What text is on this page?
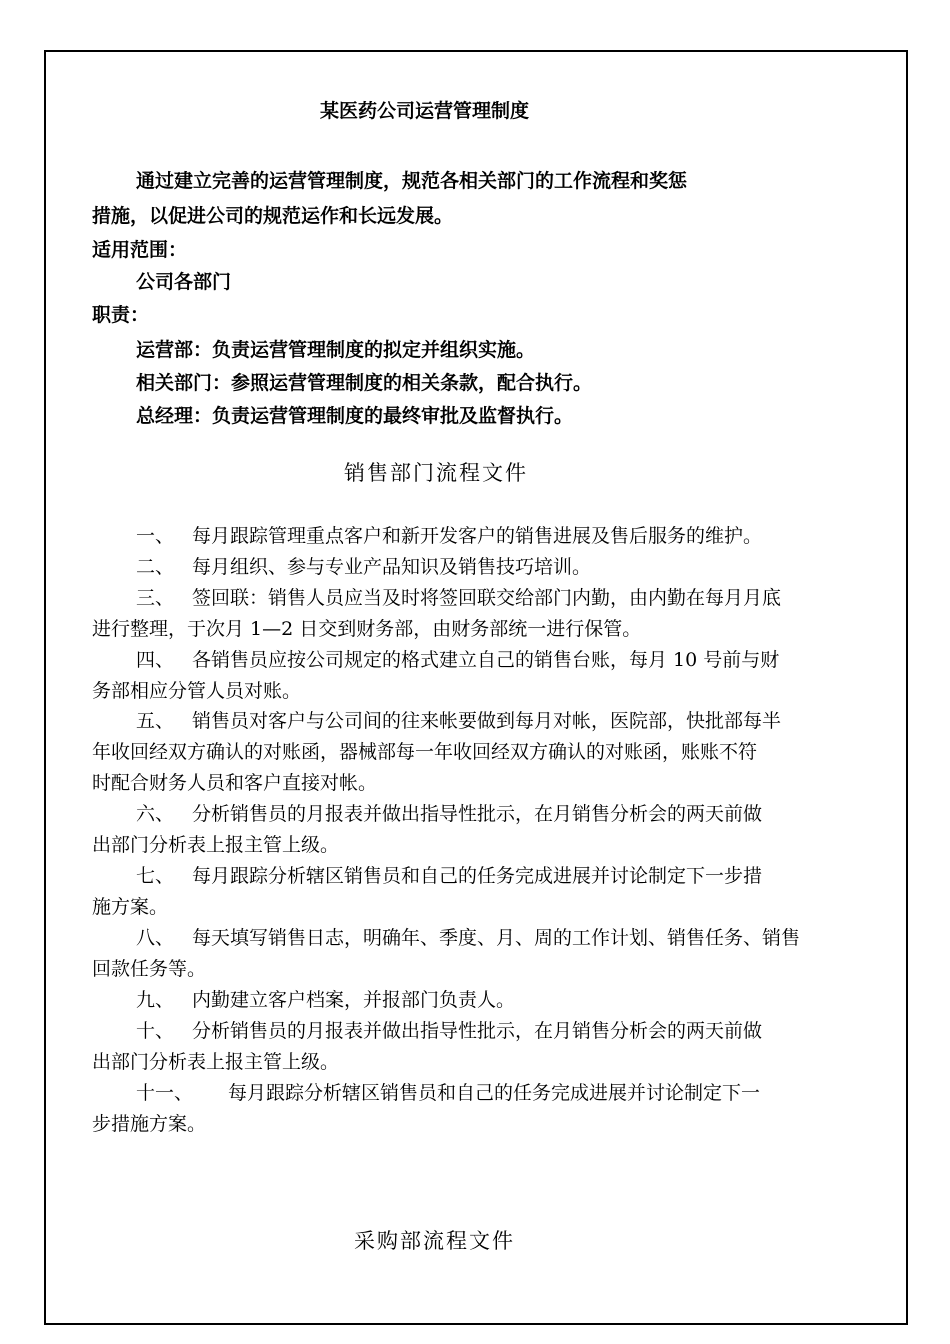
某医药公司运营管理制度
通过建立完善的运营管理制度，规范各相关部门的工作流程和奖惩
措施，以促进公司的规范运作和长远发展。
适用范围：
公司各部门
职责：
运营部：负责运营管理制度的拟定并组织实施。
相关部门：参照运营管理制度的相关条款，配合执行。
总经理：负责运营管理制度的最终审批及监督执行。
销售部门流程文件
一、 每月跟踪管理重点客户和新开发客户的销售进展及售后服务的维护。
二、 每月组织、参与专业产品知识及销售技巧培训。
三、 签回联：销售人员应当及时将签回联交给部门内勤，由内勤在每月月底
进行整理，于次月 1—2 日交到财务部，由财务部统一进行保管。
四、 各销售员应按公司规定的格式建立自己的销售台账，每月 10 号前与财
务部相应分管人员对账。
五、 销售员对客户与公司间的往来帐要做到每月对帐，医院部，快批部每半
年收回经双方确认的对账函，器械部每一年收回经双方确认的对账函，账账不符
时配合财务人员和客户直接对帐。
六、 分析销售员的月报表并做出指导性批示，在月销售分析会的两天前做
出部门分析表上报主管上级。
七、 每月跟踪分析辖区销售员和自己的任务完成进展并讨论制定下一步措
施方案。
八、 每天填写销售日志，明确年、季度、月、周的工作计划、销售任务、销售
回款任务等。
九、 内勤建立客户档案，并报部门负责人。
十、 分析销售员的月报表并做出指导性批示，在月销售分析会的两天前做
出部门分析表上报主管上级。
十一、 每月跟踪分析辖区销售员和自己的任务完成进展并讨论制定下一
步措施方案。
采购部流程文件
